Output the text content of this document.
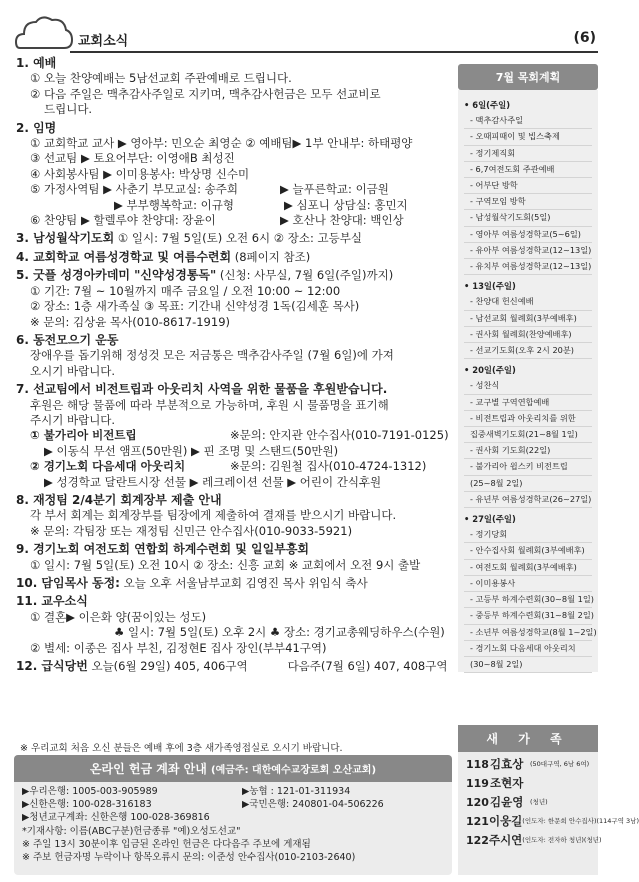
교회소식	(6)
1. 예배
① 오늘 찬양예배는 5남선교회 주관예배로 드립니다.
② 다음 주일은 맥추감사주일로 지키며, 맥추감사헌금은 모두 선교비로
드립니다.
2. 임명
① 교회학교 교사 ▶ 영아부: 민오순 최영순 ② 예배팀▶ 1부 안내부: 하태평양
③ 선교팀 ▶ 토요어부단: 이영애B 최성진
④ 사회봉사팀 ▶ 이미용봉사: 박상명 신수미
⑤ 가정사역팀 ▶ 사춘기 부모교실: 송주희	▶ 늘푸른학교: 이금원
▶ 부부행복학교: 이규형	▶ 심포니 상담실: 홍민지
⑥ 찬양팀 ▶ 할렐루야 찬양대: 장윤이	▶ 호산나 찬양대: 백인상
3. 남성월삭기도회 ① 일시: 7월 5일(토) 오전 6시 ② 장소: 고등부실
4. 교회학교 여름성경학교 및 여름수련회 (8페이지 참조)
5. 굿플 성경아카데미 "신약성경통독" (신청: 사무실, 7월 6일(주일)까지)
① 기간: 7월 ~ 10월까지 매주 금요일 / 오전 10:00 ~ 12:00
② 장소: 1층 새가족실 ③ 목표: 기간내 신약성경 1독(김세훈 목사)
※ 문의: 김상윤 목사(010-8617-1919)
6. 동전모으기 운동
장애우를 돕기위해 정성것 모은 저금통은 맥추감사주일 (7월 6일)에 가져
오시기 바랍니다.
7. 선교팀에서 비전트립과 아웃리치 사역을 위한 물품을 후원받습니다.
후원은 해당 물품에 따라 부분적으로 가능하며, 후원 시 물품명을 표기해
주시기 바랍니다.
① 불가리아 비전트립	※문의: 안지관 안수집사(010-7191-0125)
▶ 이동식 무선 앰프(50만원) ▶ 핀 조명 및 스탠드(50만원)
② 경기노회 다음세대 아웃리치	※문의: 김원철 집사(010-4724-1312)
▶ 성경학교 달란트시장 선물 ▶ 레크레이션 선물 ▶ 어린이 간식후원
8. 재정팀 2/4분기 회계장부 제출 안내
각 부서 회계는 회계장부를 팀장에게 제출하여 결재를 받으시기 바랍니다.
※ 문의: 각팀장 또는 재정팀 신민근 안수집사(010-9033-5921)
9. 경기노회 여전도회 연합회 하계수련회 및 일일부흥회
① 일시: 7월 5일(토) 오전 10시 ② 장소: 신흥 교회 ※ 교회에서 오전 9시 출발
10. 담임목사 동정: 오늘 오후 서울남부교회 김영진 목사 위임식 축사
11. 교우소식
① 결혼▶ 이은화 양(꿈이있는 성도)
♣ 일시: 7월 5일(토) 오후 2시 ♣ 장소: 경기교총웨딩하우스(수원)
② 별세: 이종은 집사 부친, 김정현E 집사 장인(부부41구역)
12. 급식당번 오늘(6월 29일) 405, 406구역	다음주(7월 6일) 407, 408구역
7월 목회계획
• 6일(주일)
- 맥추감사주일
- 오때피때이 및 빕스축제
- 정기제직회
- 6,7여전도회 주관예배
- 어부단 방학
- 구역모임 방학
- 남성월삭기도회(5일)
- 영아부 여름성경학교(5~6일)
- 유아부 여름성경학교(12~13일)
- 유치부 여름성경학교(12~13일)
• 13일(주일)
- 찬양대 헌신예배
- 남선교회 월례회(3부예배후)
- 권사회 월례회(찬양예배후)
- 선교기도회(오후 2시 20분)
• 20일(주일)
- 성찬식
- 교구별 구역연합예배
- 비전트립과 아웃리치를 위한
집중새벽기도회(21~8월 1일)
- 권사회 기도회(22일)
- 불가리아 윕스키 비전트립
(25~8월 2일)
- 유년부 여름성경학교(26~27일)
• 27일(주일)
- 정기당회
- 안수집사회 월례회(3부예배후)
- 여전도회 월례회(3부예배후)
- 이미용봉사
- 고등부 하계수련회(30~8월 1일)
- 중등부 하계수련회(31~8월 2일)
- 소년부 여름성경학교(8월 1~2일)
- 경기노회 다음세대 아웃리치
(30~8월 2일)
※ 우리교회 처음 오신 분들은 예배 후에 3층 새가족영접실로 오시기 바랍니다.
온라인 헌금 계좌 안내 (예금주: 대한예수교장로회 오산교회)
▶우리은행: 1005-003-905989	▶농협 : 121-01-311934
▶신한은행: 100-028-316183	▶국민은행: 240801-04-506226
▶청년교구계좌: 신한은행 100-028-369816
*기재사항: 이름(ABC구분)헌금종류 "예)오성도선교"
※ 주일 13시 30분이후 입금된 온라인 헌금은 다다음주 주보에 게재됨
※ 주보 헌금자명 누락이나 항목오류시 문의: 이준성 안수집사(010-2103-2640)
새 가 족
118 김효상	(50대구역, 6남 6여)
119 조현자
120 김윤영	(청년)
121 이웅길 (인도자: 한문희 안수집사)(114구역 3남)
122 주시연 (인도자: 전자하 청년)(청년)
